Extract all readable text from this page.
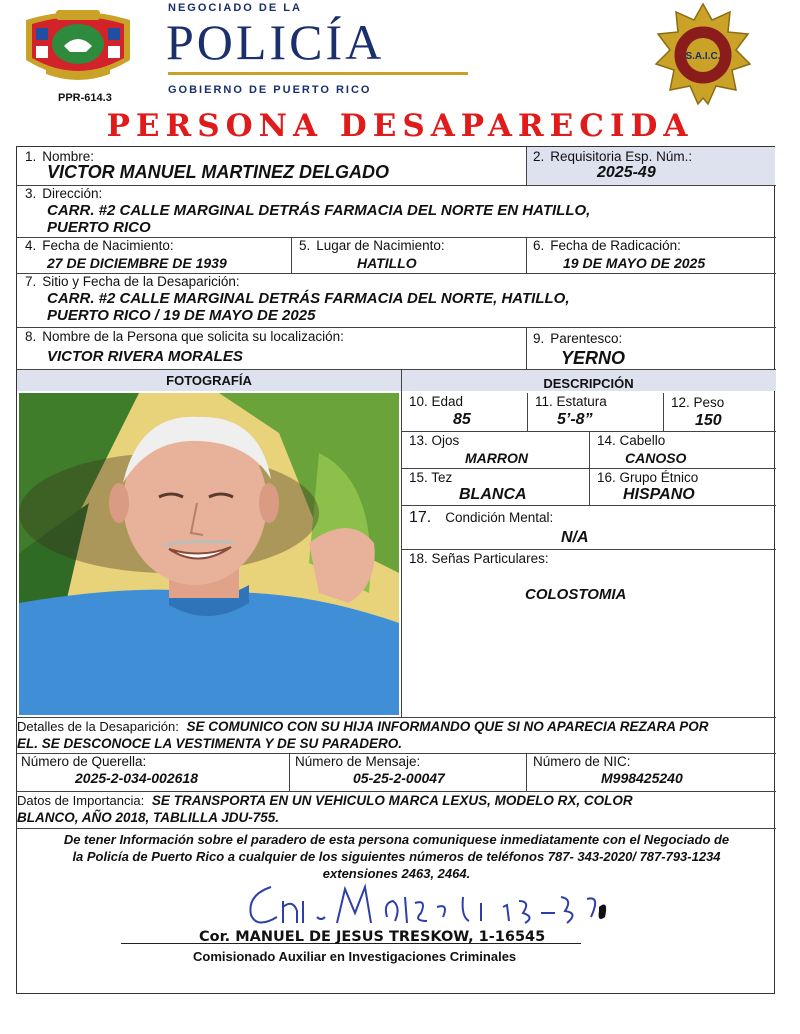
PPR-614.3
NEGOCIADO DE LA
POLICÍA
GOBIERNO DE PUERTO RICO
S.A.I.C.
PERSONA DESAPARECIDA
1. Nombre:
VICTOR MANUEL MARTINEZ DELGADO
2. Requisitoria Esp. Núm.:
2025-49
3. Dirección:
CARR. #2 CALLE MARGINAL DETRÁS FARMACIA DEL NORTE EN HATILLO,
PUERTO RICO
4. Fecha de Nacimiento:
27 DE DICIEMBRE DE 1939
5. Lugar de Nacimiento:
HATILLO
6. Fecha de Radicación:
19 DE MAYO DE 2025
7. Sitio y Fecha de la Desaparición:
CARR. #2 CALLE MARGINAL DETRÁS FARMACIA DEL NORTE, HATILLO,
PUERTO RICO / 19 DE MAYO DE 2025
8. Nombre de la Persona que solicita su localización:
VICTOR RIVERA MORALES
9. Parentesco:
YERNO
FOTOGRAFÍA	DESCRIPCIÓN
10. Edad
85
11. Estatura
5’-8”
12. Peso
150
13. Ojos
MARRON
14. Cabello
CANOSO
15. Tez
BLANCA
16. Grupo Étnico
HISPANO
17. Condición Mental:
N/A
18. Señas Particulares:
COLOSTOMIA
Detalles de la Desaparición: SE COMUNICO CON SU HIJA INFORMANDO QUE SI NO APARECIA REZARA POR
EL. SE DESCONOCE LA VESTIMENTA Y DE SU PARADERO.
Número de Querella:
2025-2-034-002618
Número de Mensaje:
05-25-2-00047
Número de NIC:
M998425240
Datos de Importancia: SE TRANSPORTA EN UN VEHICULO MARCA LEXUS, MODELO RX, COLOR
BLANCO, AÑO 2018, TABLILLA JDU-755.
De tener Información sobre el paradero de esta persona comuniquese inmediatamente con el Negociado de
la Policía de Puerto Rico a cualquier de los siguientes números de teléfonos 787- 343-2020/ 787-793-1234
extensiones 2463, 2464.
Cor. MANUEL DE JESUS TRESKOW, 1-16545
Comisionado Auxiliar en Investigaciones Criminales
